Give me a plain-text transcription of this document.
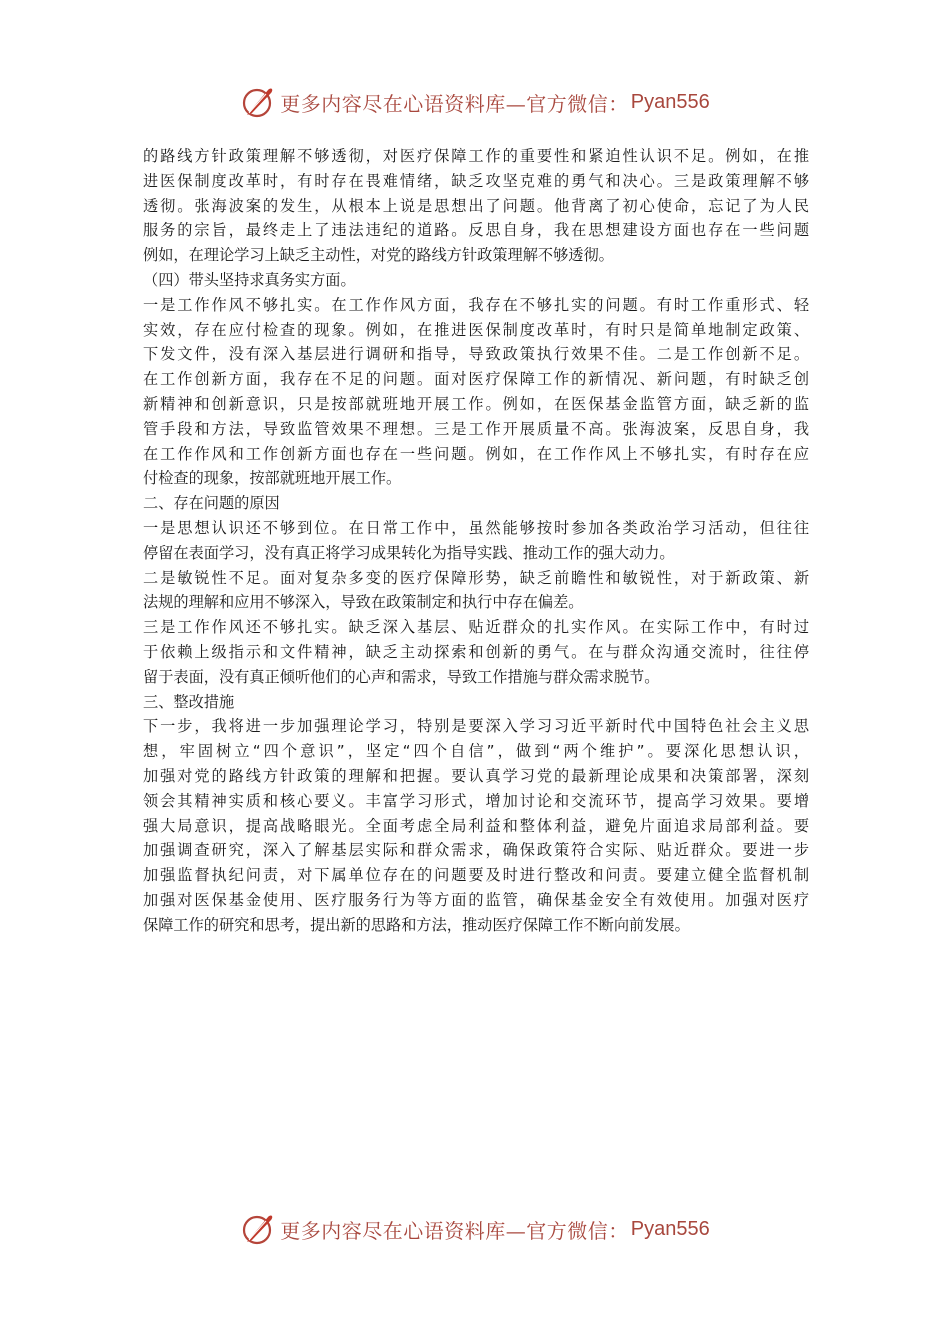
更多内容尽在心语资料库—官方微信： Pyan556
的路线方针政策理解不够透彻，对医疗保障工作的重要性和紧迫性认识不足。例如，在推
进医保制度改革时，有时存在畏难情绪，缺乏攻坚克难的勇气和决心。三是政策理解不够
透彻。张海波案的发生，从根本上说是思想出了问题。他背离了初心使命，忘记了为人民
服务的宗旨，最终走上了违法违纪的道路。反思自身，我在思想建设方面也存在一些问题
例如，在理论学习上缺乏主动性，对党的路线方针政策理解不够透彻。
（四）带头坚持求真务实方面。
一是工作作风不够扎实。在工作作风方面，我存在不够扎实的问题。有时工作重形式、轻
实效，存在应付检查的现象。例如，在推进医保制度改革时，有时只是简单地制定政策、
下发文件，没有深入基层进行调研和指导，导致政策执行效果不佳。二是工作创新不足。
在工作创新方面，我存在不足的问题。面对医疗保障工作的新情况、新问题，有时缺乏创
新精神和创新意识，只是按部就班地开展工作。例如，在医保基金监管方面，缺乏新的监
管手段和方法，导致监管效果不理想。三是工作开展质量不高。张海波案，反思自身，我
在工作作风和工作创新方面也存在一些问题。例如，在工作作风上不够扎实，有时存在应
付检查的现象，按部就班地开展工作。
二、存在问题的原因
一是思想认识还不够到位。在日常工作中，虽然能够按时参加各类政治学习活动，但往往
停留在表面学习，没有真正将学习成果转化为指导实践、推动工作的强大动力。
二是敏锐性不足。面对复杂多变的医疗保障形势，缺乏前瞻性和敏锐性，对于新政策、新
法规的理解和应用不够深入，导致在政策制定和执行中存在偏差。
三是工作作风还不够扎实。缺乏深入基层、贴近群众的扎实作风。在实际工作中，有时过
于依赖上级指示和文件精神，缺乏主动探索和创新的勇气。在与群众沟通交流时，往往停
留于表面，没有真正倾听他们的心声和需求，导致工作措施与群众需求脱节。
三、整改措施
下一步，我将进一步加强理论学习，特别是要深入学习习近平新时代中国特色社会主义思
想，牢固树立“四个意识”，坚定“四个自信”，做到“两个维护”。要深化思想认识，
加强对党的路线方针政策的理解和把握。要认真学习党的最新理论成果和决策部署，深刻
领会其精神实质和核心要义。丰富学习形式，增加讨论和交流环节，提高学习效果。要增
强大局意识，提高战略眼光。全面考虑全局利益和整体利益，避免片面追求局部利益。要
加强调查研究，深入了解基层实际和群众需求，确保政策符合实际、贴近群众。要进一步
加强监督执纪问责，对下属单位存在的问题要及时进行整改和问责。要建立健全监督机制
加强对医保基金使用、医疗服务行为等方面的监管，确保基金安全有效使用。加强对医疗
保障工作的研究和思考，提出新的思路和方法，推动医疗保障工作不断向前发展。
更多内容尽在心语资料库—官方微信： Pyan556
